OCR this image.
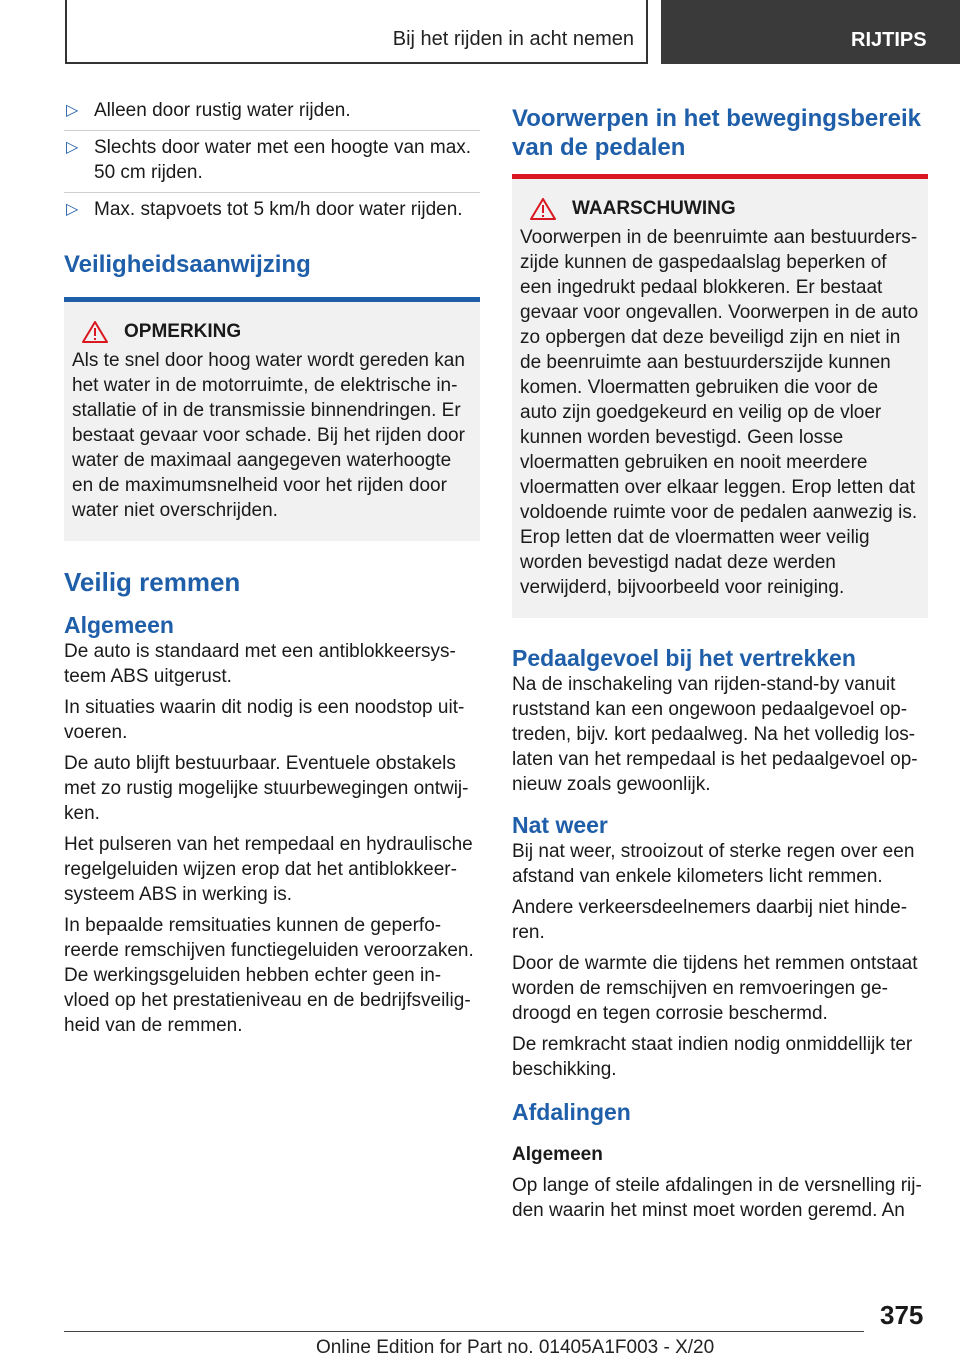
Bij het rijden in acht nemen	RIJTIPS
▷ Alleen door rustig water rijden.
▷ Slechts door water met een hoogte van max. 50 cm rijden.
▷ Max. stapvoets tot 5 km/h door water rijden.
Veiligheidsaanwijzing
OPMERKING

Als te snel door hoog water wordt gereden kan het water in de motorruimte, de elektrische installatie of in de transmissie binnendringen. Er bestaat gevaar voor schade. Bij het rijden door water de maximaal aangegeven waterhoogte en de maximumsnelheid voor het rijden door water niet overschrijden.

Veilig remmen
Algemeen

De auto is standaard met een antiblokkeersysteem ABS uitgerust.

In situaties waarin dit nodig is een noodstop uitvoeren.

De auto blijft bestuurbaar. Eventuele obstakels met zo rustig mogelijke stuurbewegingen ontwijken.

Het pulseren van het rempedaal en hydraulische regelgeluiden wijzen erop dat het antiblokkeersysteem ABS in werking is.

In bepaalde remsituaties kunnen de geperforeerde remschijven functiegeluiden veroorzaken. De werkingsgeluiden hebben echter geen invloed op het prestatieniveau en de bedrijfsveiligheid van de remmen.

Voorwerpen in het bewegingsbereik van de pedalen
WAARSCHUWING

Voorwerpen in de beenruimte aan bestuurderszijde kunnen de gaspedaalslag beperken of een ingedrukt pedaal blokkeren. Er bestaat gevaar voor ongevallen. Voorwerpen in de auto zo opbergen dat deze beveiligd zijn en niet in de beenruimte aan bestuurderszijde kunnen komen. Vloermatten gebruiken die voor de auto zijn goedgekeurd en veilig op de vloer kunnen worden bevestigd. Geen losse vloermatten gebruiken en nooit meerdere vloermatten over elkaar leggen. Erop letten dat voldoende ruimte voor de pedalen aanwezig is. Erop letten dat de vloermatten weer veilig worden bevestigd nadat deze werden verwijderd, bijvoorbeeld voor reiniging.

Pedaalgevoel bij het vertrekken

Na de inschakeling van rijden-stand-by vanuit ruststand kan een ongewoon pedaalgevoel optreden, bijv. kort pedaalweg. Na het volledig loslaten van het rempedaal is het pedaalgevoel opnieuw zoals gewoonlijk.

Nat weer

Bij nat weer, strooizout of sterke regen over een afstand van enkele kilometers licht remmen.

Andere verkeersdeelnemers daarbij niet hinderen.

Door de warmte die tijdens het remmen ontstaat worden de remschijven en remvoeringen gedroogd en tegen corrosie beschermd.

De remkracht staat indien nodig onmiddellijk ter beschikking.

Afdalingen

Algemeen

Op lange of steile afdalingen in de versnelling rijden waarin het minst moet worden geremd. An

375
Online Edition for Part no. 01405A1F003 - X/20
